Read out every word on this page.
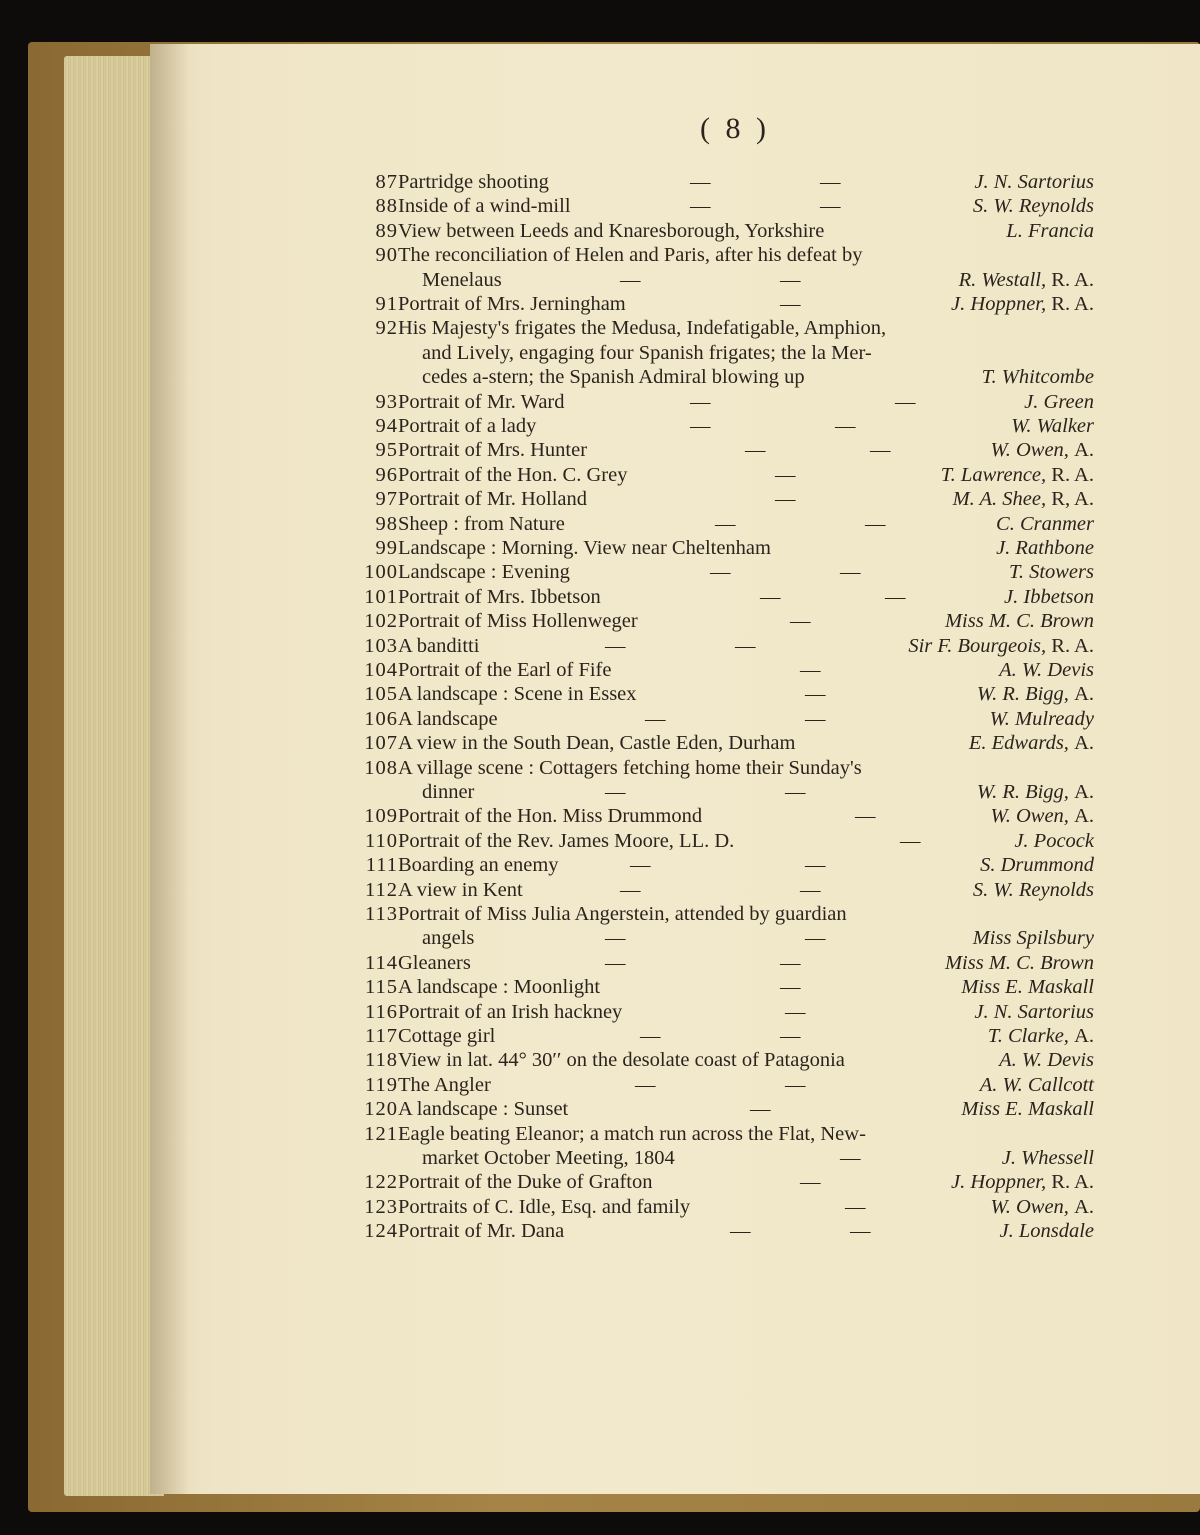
( 8 )
87 Partridge shooting	—	—	J. N. Sartorius
88 Inside of a wind-mill	—	—	S. W. Reynolds
89 View between Leeds and Knaresborough, Yorkshire	L. Francia
90 The reconciliation of Helen and Paris, after his defeat by
Menelaus	—	—	R. Westall, R. A.
91 Portrait of Mrs. Jerningham	—	J. Hoppner, R. A.
92 His Majesty's frigates the Medusa, Indefatigable, Amphion,
and Lively, engaging four Spanish frigates; the la Mer-
cedes a-stern; the Spanish Admiral blowing up	T. Whitcombe
93 Portrait of Mr. Ward	—	—	J. Green
94 Portrait of a lady	—	—	W. Walker
95 Portrait of Mrs. Hunter	—	—	W. Owen, A.
96 Portrait of the Hon. C. Grey	—	T. Lawrence, R. A.
97 Portrait of Mr. Holland	—	M. A. Shee, R, A.
98 Sheep : from Nature	—	—	C. Cranmer
99 Landscape : Morning. View near Cheltenham	J. Rathbone
100 Landscape : Evening	—	—	T. Stowers
101 Portrait of Mrs. Ibbetson	—	—	J. Ibbetson
102 Portrait of Miss Hollenweger	—	Miss M. C. Brown
103 A banditti	—	—	Sir F. Bourgeois, R. A.
104 Portrait of the Earl of Fife	—	A. W. Devis
105 A landscape : Scene in Essex	—	W. R. Bigg, A.
106 A landscape	—	—	W. Mulready
107 A view in the South Dean, Castle Eden, Durham	E. Edwards, A.
108 A village scene : Cottagers fetching home their Sunday's
dinner	—	—	W. R. Bigg, A.
109 Portrait of the Hon. Miss Drummond	—	W. Owen, A.
110 Portrait of the Rev. James Moore, LL. D.	—	J. Pocock
111 Boarding an enemy	—	—	S. Drummond
112 A view in Kent	—	—	S. W. Reynolds
113 Portrait of Miss Julia Angerstein, attended by guardian
angels	—	—	Miss Spilsbury
114 Gleaners	—	—	Miss M. C. Brown
115 A landscape : Moonlight	—	Miss E. Maskall
116 Portrait of an Irish hackney	—	J. N. Sartorius
117 Cottage girl	—	—	T. Clarke, A.
118 View in lat. 44° 30′′ on the desolate coast of Patagonia	A. W. Devis
119 The Angler	—	—	A. W. Callcott
120 A landscape : Sunset	—	Miss E. Maskall
121 Eagle beating Eleanor; a match run across the Flat, New-
market October Meeting, 1804	—	J. Whessell
122 Portrait of the Duke of Grafton	—	J. Hoppner, R. A.
123 Portraits of C. Idle, Esq. and family	—	W. Owen, A.
124 Portrait of Mr. Dana	—	—	J. Lonsdale
